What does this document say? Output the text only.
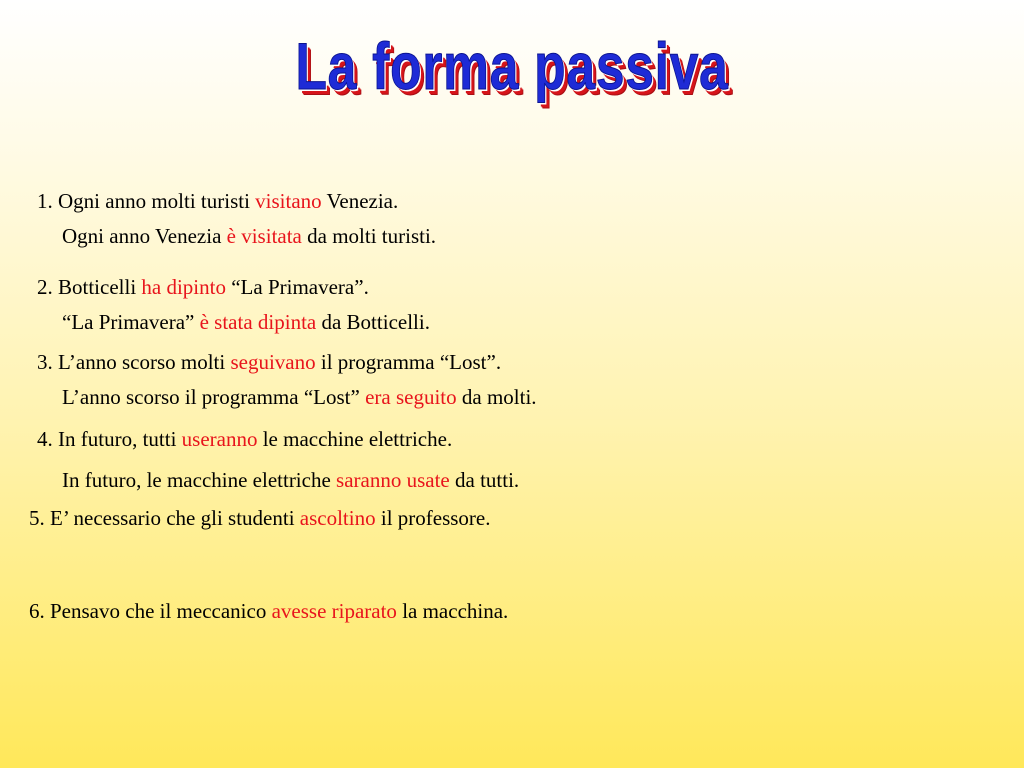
La forma passiva
1. Ogni anno molti turisti visitano Venezia.
Ogni anno Venezia è visitata da molti turisti.
2. Botticelli ha dipinto “La Primavera”.
“La Primavera” è stata dipinta da Botticelli.
3. L’anno scorso molti seguivano il programma “Lost”.
L’anno scorso il programma “Lost” era seguito da molti.
4. In futuro, tutti useranno le macchine elettriche.
In futuro, le macchine elettriche saranno usate da tutti.
5. E’ necessario che gli studenti ascoltino il professore.
6. Pensavo che il meccanico avesse riparato la macchina.
